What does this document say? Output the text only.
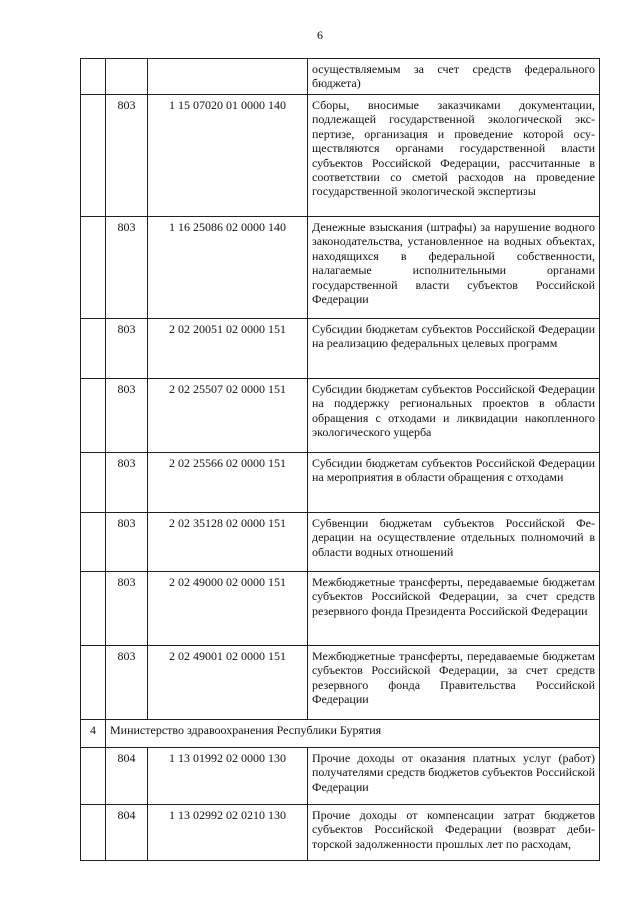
6
			осуществляемым за счет средств федерального бюджета)
	803	1 15 07020 01 0000 140	Сборы, вносимые заказчиками документации, подлежащей государственной экологической экспертизе, организация и проведение которой осуществляются органами государственной власти субъектов Российской Федерации, рассчитанные в соответствии со сметой расходов на проведение государственной экологической экспертизы
	803	1 16 25086 02 0000 140	Денежные взыскания (штрафы) за нарушение водного законодательства, установленное на водных объектах, находящихся в федеральной собственности, налагаемые исполнительными органами государственной власти субъектов Российской Федерации
	803	2 02 20051 02 0000 151	Субсидии бюджетам субъектов Российской Федерации на реализацию федеральных целевых программ
	803	2 02 25507 02 0000 151	Субсидии бюджетам субъектов Российской Федерации на поддержку региональных проектов в области обращения с отходами и ликвидации накопленного экологического ущерба
	803	2 02 25566 02 0000 151	Субсидии бюджетам субъектов Российской Федерации на мероприятия в области обращения с отходами
	803	2 02 35128 02 0000 151	Субвенции бюджетам субъектов Российской Федерации на осуществление отдельных полномочий в области водных отношений
	803	2 02 49000 02 0000 151	Межбюджетные трансферты, передаваемые бюджетам субъектов Российской Федерации, за счет средств резервного фонда Президента Российской Федерации
	803	2 02 49001 02 0000 151	Межбюджетные трансферты, передаваемые бюджетам субъектов Российской Федерации, за счет средств резервного фонда Правительства Российской Федерации
4	Министерство здравоохранения Республики Бурятия		
	804	1 13 01992 02 0000 130	Прочие доходы от оказания платных услуг (работ) получателями средств бюджетов субъектов Российской Федерации
	804	1 13 02992 02 0210 130	Прочие доходы от компенсации затрат бюджетов субъектов Российской Федерации (возврат дебиторской задолженности прошлых лет по расходам,
